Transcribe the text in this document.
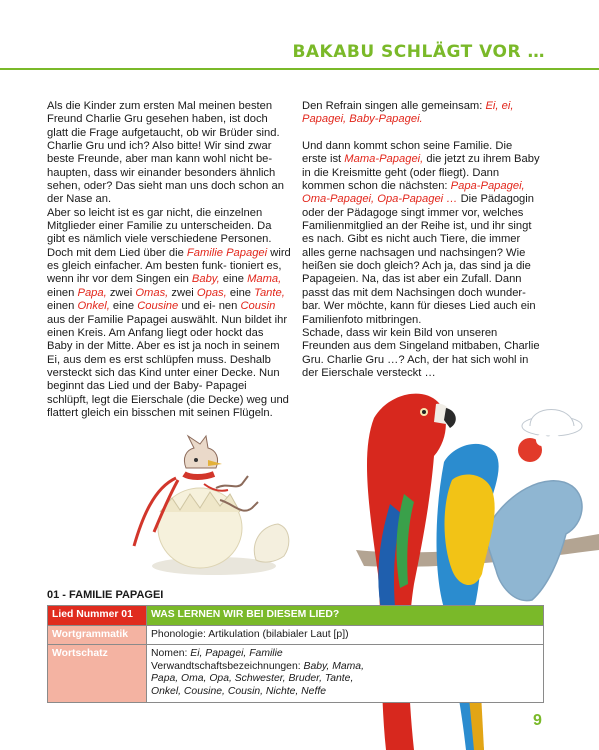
BAKABU SCHLÄGT VOR …

Als die Kinder zum ersten Mal meinen besten Freund Charlie Gru gesehen haben, ist doch glatt die Frage aufgetaucht, ob wir Brüder sind. Charlie Gru und ich? Also bitte! Wir sind zwar beste Freunde, aber man kann wohl nicht be- haupten, dass wir einander besonders ähnlich sehen, oder? Das sieht man uns doch schon an der Nase an.

Aber so leicht ist es gar nicht, die einzelnen Mitglieder einer Familie zu unterscheiden. Da gibt es nämlich viele verschiedene Personen. Doch mit dem Lied über die Familie Papagei wird es gleich einfacher. Am besten funk- tioniert es, wenn ihr vor dem Singen ein Baby, eine Mama, einen Papa, zwei Omas, zwei Opas, eine Tante, einen Onkel, eine Cousine und ei- nen Cousin aus der Familie Papagei auswählt. Nun bildet ihr einen Kreis. Am Anfang liegt oder hockt das Baby in der Mitte. Aber es ist ja noch in seinem Ei, aus dem es erst schlüpfen muss. Deshalb versteckt sich das Kind unter einer Decke. Nun beginnt das Lied und der Baby- Papagei schlüpft, legt die Eierschale (die Decke) weg und flattert gleich ein bisschen mit seinen Flügeln.

Den Refrain singen alle gemeinsam: Ei, ei, Papagei, Baby-Papagei.

Und dann kommt schon seine Familie. Die erste ist Mama-Papagei, die jetzt zu ihrem Baby in die Kreismitte geht (oder fliegt). Dann kommen schon die nächsten: Papa-Papagei, Oma-Papagei, Opa-Papagei … Die Pädagogin oder der Pädagoge singt immer vor, welches Familienmitglied an der Reihe ist, und ihr singt es nach. Gibt es nicht auch Tiere, die immer alles gerne nachsagen und nachsingen? Wie heißen sie doch gleich? Ach ja, das sind ja die Papageien. Na, das ist aber ein Zufall. Dann passt das mit dem Nachsingen doch wunder- bar. Wer möchte, kann für dieses Lied auch ein Familienfoto mitbringen.

Schade, dass wir kein Bild von unseren Freunden aus dem Singeland mitbaben, Charlie Gru. Charlie Gru …? Ach, der hat sich wohl in der Eierschale versteckt …

01 - FAMILIE PAPAGEI
Lied Nummer 01	WAS LERNEN WIR BEI DIESEM LIED?
Wortgrammatik	Phonologie: Artikulation (bilabialer Laut [p])

Wortschatz	Nomen: Ei, Papagei, Familie
Verwandtschaftsbezeichnungen: Baby, Mama,
Papa, Oma, Opa, Schwester, Bruder, Tante,
Onkel, Cousine, Cousin, Nichte, Neffe
9
